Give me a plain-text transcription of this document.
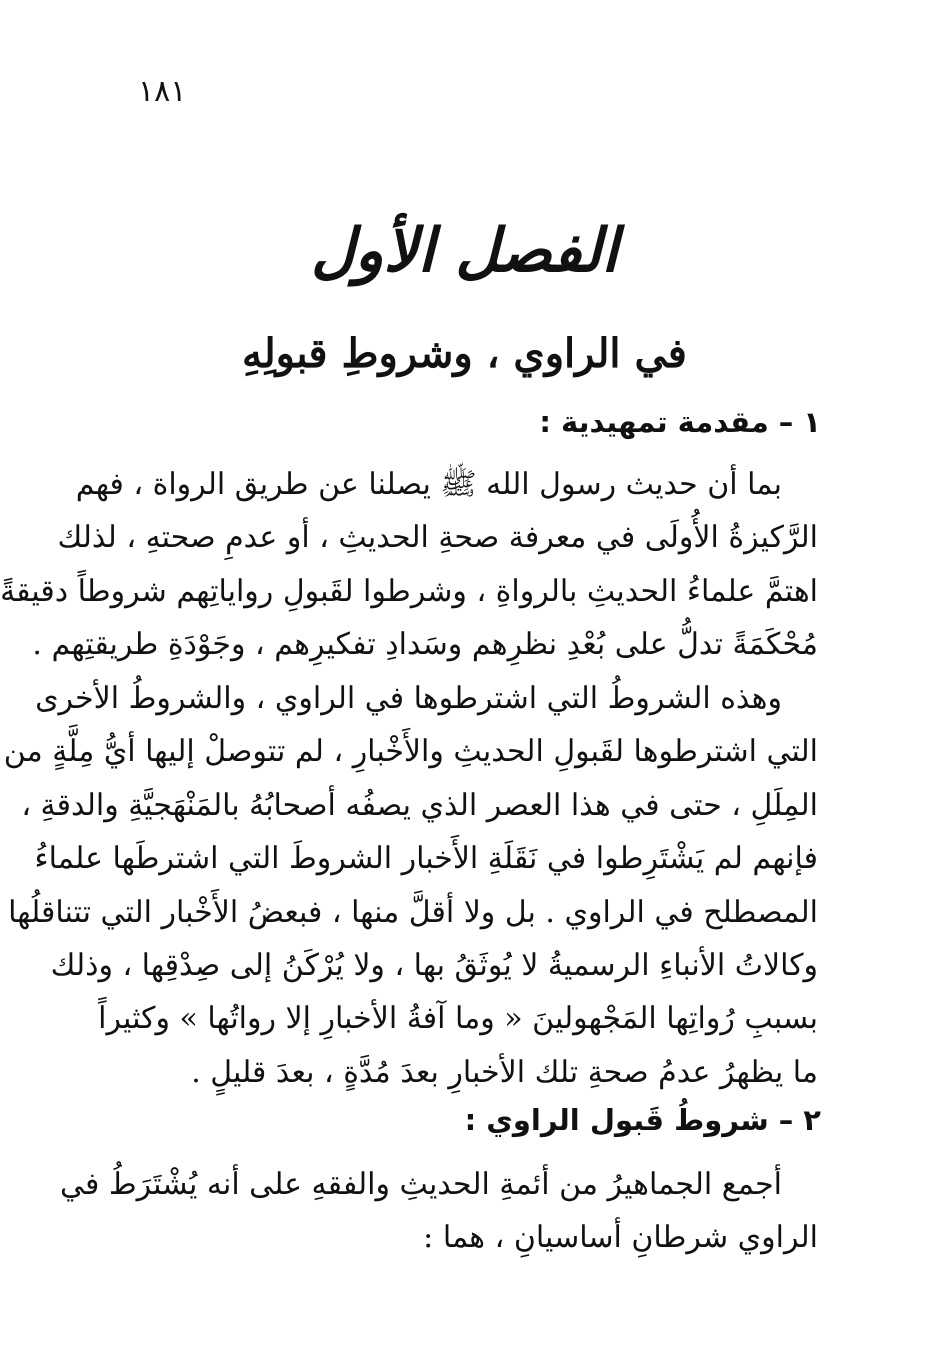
١٨١
الفصل الأول
في الراوي ، وشروطِ قبولِهِ
١–مقدمة تمهيدية :
بما أن حديث رسول الله ﷺ يصلنا عن طريق الرواة ، فهم
الرَّكيزةُ الأُولَى في معرفة صحةِ الحديثِ ، أو عدمِ صحتهِ ، لذلك
اهتمَّ علماءُ الحديثِ بالرواةِ ، وشرطوا لقَبولِ رواياتِهم شروطاً دقيقةً
مُحْكَمَةً تدلُّ على بُعْدِ نظرِهم وسَدادِ تفكيرِهم ، وجَوْدَةِ طريقتِهم .
وهذه الشروطُ التي اشترطوها في الراوي ، والشروطُ الأخرى
التي اشترطوها لقَبولِ الحديثِ والأَخْبارِ ، لم تتوصلْ إليها أيُّ مِلَّةٍ من
المِلَلِ ، حتى في هذا العصر الذي يصفُه أصحابُهُ بالمَنْهَجيَّةِ والدقةِ ،
فإنهم لم يَشْتَرِطوا في نَقَلَةِ الأَخبار الشروطَ التي اشترطَها علماءُ
المصطلح في الراوي . بل ولا أقلَّ منها ، فبعضُ الأَخْبار التي تتناقلُها
وكالاتُ الأنباءِ الرسميةُ لا يُوثَقُ بها ، ولا يُرْكَنُ إلى صِدْقِها ، وذلك
بسببِ رُواتِها المَجْهولينَ « وما آفةُ الأخبارِ إلا رواتُها » وكثيراً
ما يظهرُ عدمُ صحةِ تلك الأخبارِ بعدَ مُدَّةٍ ، بعدَ قليلٍ .
٢–شروطُ قَبول الراوي :
أجمع الجماهيرُ من أئمةِ الحديثِ والفقهِ على أنه يُشْتَرَطُ في
الراوي شرطانِ أساسيانِ ، هما :
